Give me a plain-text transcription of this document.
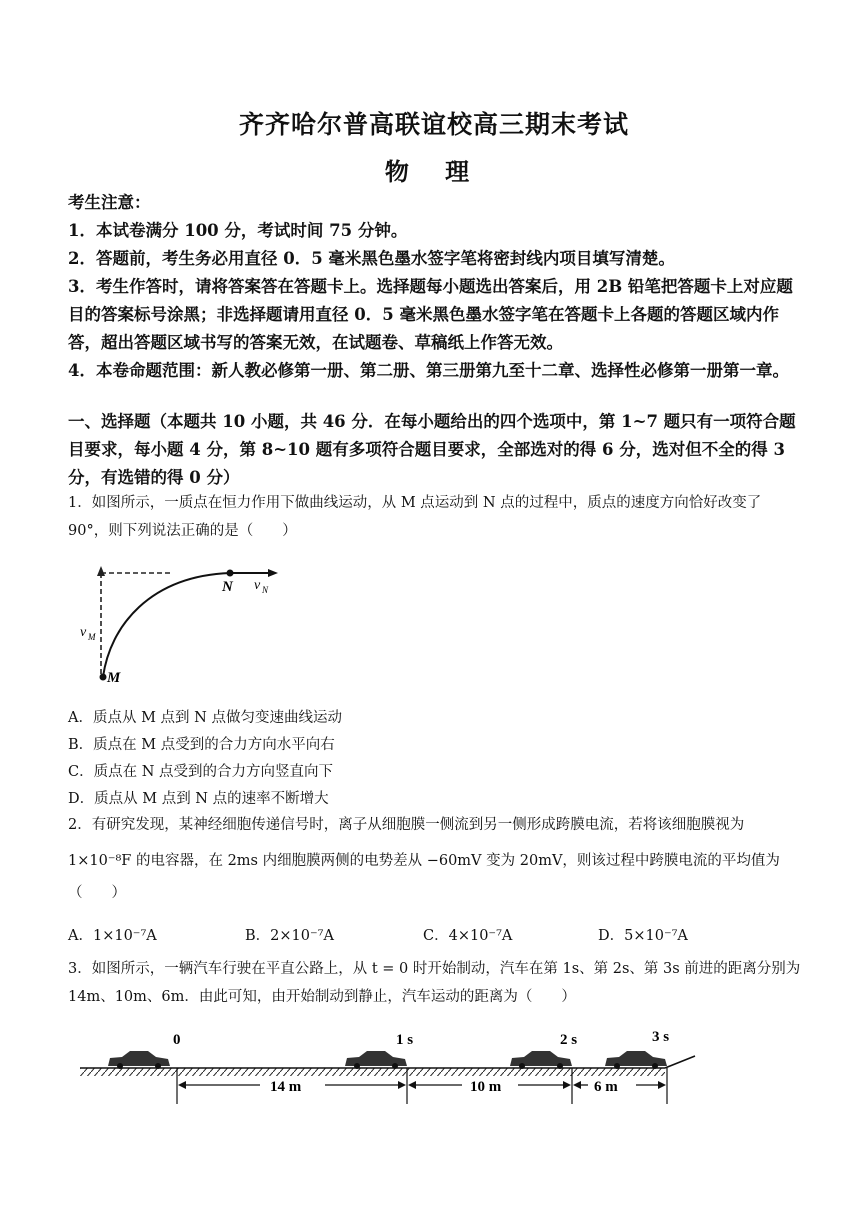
齐齐哈尔普高联谊校高三期末考试
物 理

考生注意：

1．本试卷满分 100 分，考试时间 75 分钟。

2．答题前，考生务必用直径 0．5 毫米黑色墨水签字笔将密封线内项目填写清楚。

3．考生作答时，请将答案答在答题卡上。选择题每小题选出答案后，用 2B 铅笔把答题卡上对应题目的答案标号涂黑；非选择题请用直径 0．5 毫米黑色墨水签字笔在答题卡上各题的答题区域内作答，超出答题区域书写的答案无效，在试题卷、草稿纸上作答无效。

4．本卷命题范围：新人教必修第一册、第二册、第三册第九至十二章、选择性必修第一册第一章。

一、选择题（本题共 10 小题，共 46 分．在每小题给出的四个选项中，第 1~7 题只有一项符合题目要求，每小题 4 分，第 8~10 题有多项符合题目要求，全部选对的得 6 分，选对但不全的得 3 分，有选错的得 0 分）

1．如图所示，一质点在恒力作用下做曲线运动，从 M 点运动到 N 点的过程中，质点的速度方向恰好改变了 90°，则下列说法正确的是（　　）

M
N
v M
v N
A．质点从 M 点到 N 点做匀变速曲线运动
B．质点在 M 点受到的合力方向水平向右
C．质点在 N 点受到的合力方向竖直向下
D．质点从 M 点到 N 点的速率不断增大

2．有研究发现，某神经细胞传递信号时，离子从细胞膜一侧流到另一侧形成跨膜电流，若将该细胞膜视为

1×10⁻⁸F 的电容器，在 2ms 内细胞膜两侧的电势差从 −60mV 变为 20mV，则该过程中跨膜电流的平均值为

（　　）

A．1×10⁻⁷A	B．2×10⁻⁷A	C．4×10⁻⁷A	D．5×10⁻⁷A

3．如图所示，一辆汽车行驶在平直公路上，从 t = 0 时开始制动，汽车在第 1s、第 2s、第 3s 前进的距离分别为 14m、10m、6m．由此可知，由开始制动到静止，汽车运动的距离为（　　）

0	1 s	2 s	3 s
14 m	10 m	6 m
